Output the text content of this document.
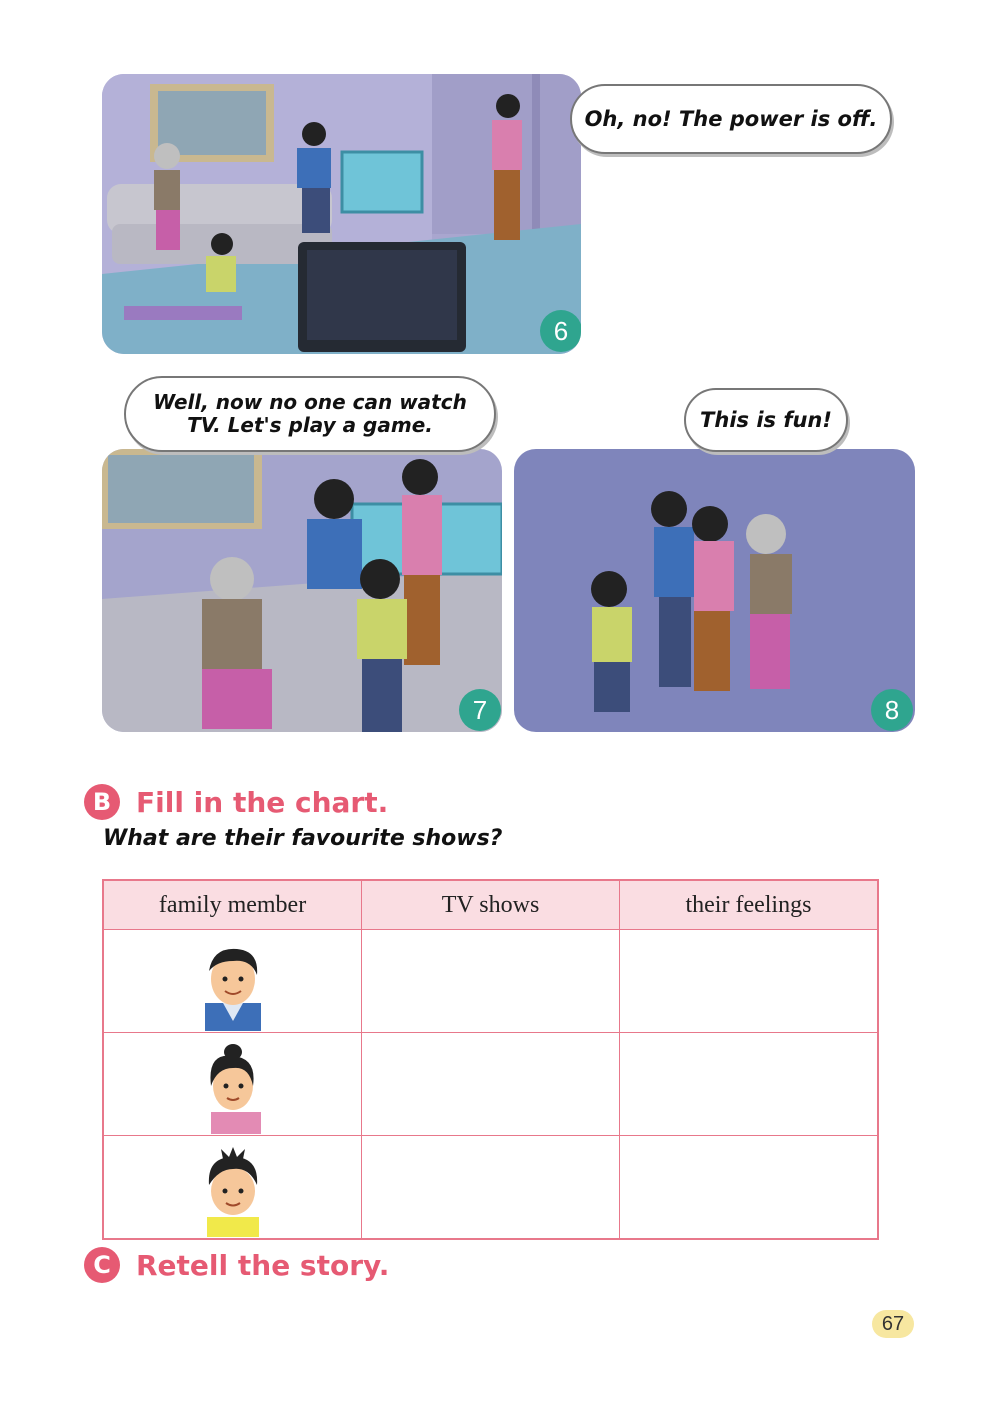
6
Oh, no! The power is off.
7
Well, now no one can watch TV. Let's play a game.
8
This is fun!
B Fill in the chart.
What are their favourite shows?
family member	TV shows	their feelings

C Retell the story.
67
